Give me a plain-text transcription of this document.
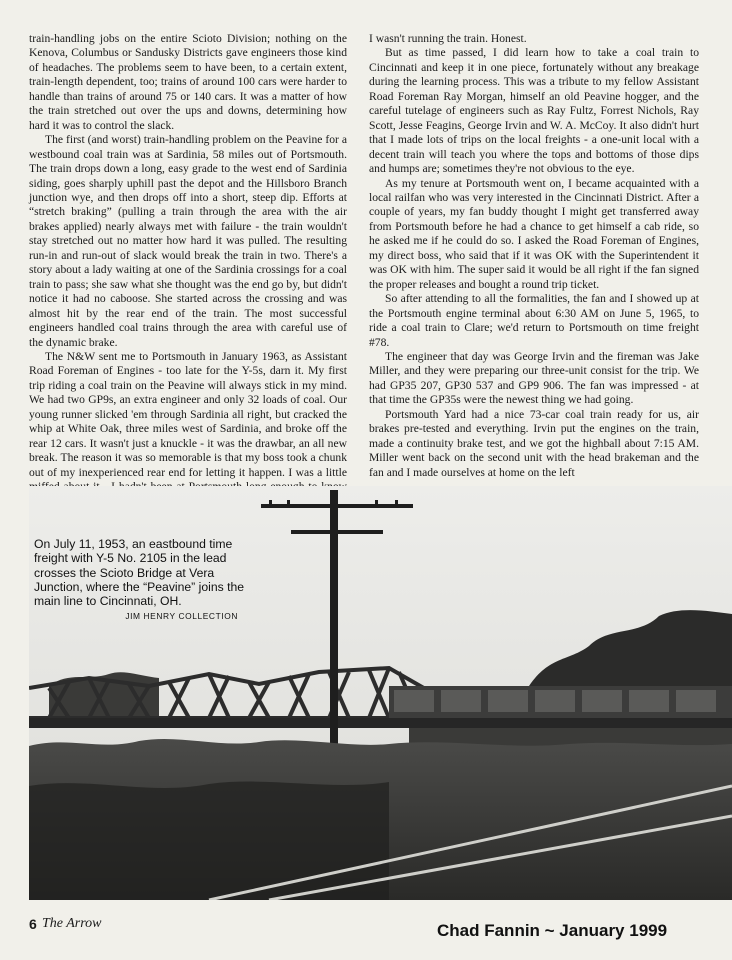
train-handling jobs on the entire Scioto Division; nothing on the Kenova, Columbus or Sandusky Districts gave engineers those kind of headaches. The problems seem to have been, to a certain extent, train-length dependent, too; trains of around 100 cars were harder to handle than trains of around 75 or 140 cars. It was a matter of how the train stretched out over the ups and downs, determining how hard it was to control the slack.

The first (and worst) train-handling problem on the Peavine for a westbound coal train was at Sardinia, 58 miles out of Portsmouth. The train drops down a long, easy grade to the west end of Sardinia siding, goes sharply uphill past the depot and the Hillsboro Branch junction wye, and then drops off into a short, steep dip. Efforts at “stretch braking” (pulling a train through the area with the air brakes applied) nearly always met with failure - the train wouldn't stay stretched out no matter how hard it was pulled. The resulting run-in and run-out of slack would break the train in two. There's a story about a lady waiting at one of the Sardinia crossings for a coal train to pass; she saw what she thought was the end go by, but didn't notice it had no caboose. She started across the crossing and was almost hit by the rear end of the train. The most successful engineers handled coal trains through the area with careful use of the dynamic brake.

The N&W sent me to Portsmouth in January 1963, as Assistant Road Foreman of Engines - too late for the Y-5s, darn it. My first trip riding a coal train on the Peavine will always stick in my mind. We had two GP9s, an extra engineer and only 32 loads of coal. Our young runner slicked 'em through Sardinia all right, but cracked the whip at White Oak, three miles west of Sardinia, and broke off the rear 12 cars. It wasn't just a knuckle - it was the drawbar, an all new break. The reason it was so memorable is that my boss took a chunk out of my inexperienced rear end for letting it happen. I was a little

I wasn't running the train. Honest.

But as time passed, I did learn how to take a coal train to Cincinnati and keep it in one piece, fortunately without any breakage during the learning process. This was a tribute to my fellow Assistant Road Foreman Ray Morgan, himself an old Peavine hogger, and the careful tutelage of engineers such as Ray Fultz, Forrest Nichols, Ray Scott, Jesse Feagins, George Irvin and W. A. McCoy. It also didn't hurt that I made lots of trips on the local freights - a one-unit local with a decent train will teach you where the tops and bottoms of those dips and humps are; sometimes they're not obvious to the eye.

As my tenure at Portsmouth went on, I became acquainted with a local railfan who was very interested in the Cincinnati District. After a couple of years, my fan buddy thought I might get transferred away from Portsmouth before he had a chance to get himself a cab ride, so he asked me if he could do so. I asked the Road Foreman of Engines, my direct boss, who said that if it was OK with the Superintendent it was OK with him. The super said it would be all right if the fan signed the proper releases and bought a round trip ticket.

So after attending to all the formalities, the fan and I showed up at the Portsmouth engine terminal about 6:30 AM on June 5, 1965, to ride a coal train to Clare; we'd return to Portsmouth on time freight #78.

The engineer that day was George Irvin and the fireman was Jake Miller, and they were preparing our three-unit consist for the trip. We had GP35 207, GP30 537 and GP9 906. The fan was impressed - at that time the GP35s were the newest thing we had going.

Portsmouth Yard had a nice 73-car coal train ready for us, air brakes pre-tested and everything. Irvin put the engines on the train, made a continuity brake test, and we got the highball about 7:15 AM. Miller went back on the second unit with the head brakeman and the fan and I made ourselves at home on the left

On July 11, 1953, an eastbound time freight with Y-5 No. 2105 in the lead crosses the Scioto Bridge at Vera Junction, where the “Peavine” joins the main line to Cincinnati, OH.
JIM HENRY COLLECTION
6 The Arrow	Chad Fannin ~ January 1999
